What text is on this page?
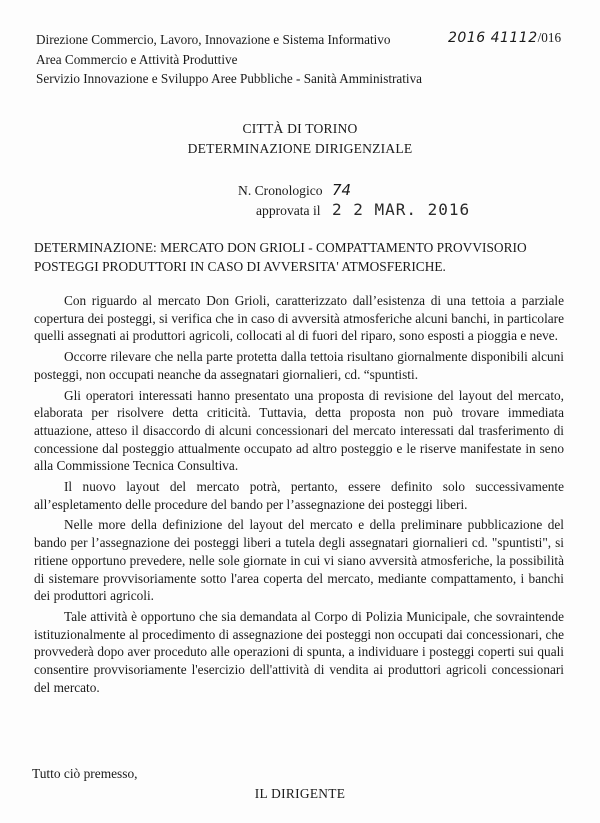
Direzione Commercio, Lavoro, Innovazione e Sistema Informativo
Area Commercio e Attività Produttive
Servizio Innovazione e Sviluppo Aree Pubbliche - Sanità Amministrativa
2016 41112/016
CITTÀ DI TORINO
DETERMINAZIONE DIRIGENZIALE
N. Cronologico 74
approvata il 2 2 MAR. 2016
DETERMINAZIONE: MERCATO DON GRIOLI - COMPATTAMENTO PROVVISORIO
POSTEGGI PRODUTTORI IN CASO DI AVVERSITA' ATMOSFERICHE.

Con riguardo al mercato Don Grioli, caratterizzato dall’esistenza di una tettoia a parziale copertura dei posteggi, si verifica che in caso di avversità atmosferiche alcuni banchi, in particolare quelli assegnati ai produttori agricoli, collocati al di fuori del riparo, sono esposti a pioggia e neve.

Occorre rilevare che nella parte protetta dalla tettoia risultano giornalmente disponibili alcuni posteggi, non occupati neanche da assegnatari giornalieri, cd. “spuntisti.

Gli operatori interessati hanno presentato una proposta di revisione del layout del mercato, elaborata per risolvere detta criticità. Tuttavia, detta proposta non può trovare immediata attuazione, atteso il disaccordo di alcuni concessionari del mercato interessati dal trasferimento di concessione dal posteggio attualmente occupato ad altro posteggio e le riserve manifestate in seno alla Commissione Tecnica Consultiva.

Il nuovo layout del mercato potrà, pertanto, essere definito solo successivamente all’espletamento delle procedure del bando per l’assegnazione dei posteggi liberi.

Nelle more della definizione del layout del mercato e della preliminare pubblicazione del bando per l’assegnazione dei posteggi liberi a tutela degli assegnatari giornalieri cd. "spuntisti", si ritiene opportuno prevedere, nelle sole giornate in cui vi siano avversità atmosferiche, la possibilità di sistemare provvisoriamente sotto l'area coperta del mercato, mediante compattamento, i banchi dei produttori agricoli.

Tale attività è opportuno che sia demandata al Corpo di Polizia Municipale, che sovraintende istituzionalmente al procedimento di assegnazione dei posteggi non occupati dai concessionari, che provvederà dopo aver proceduto alle operazioni di spunta, a individuare i posteggi coperti sui quali consentire provvisoriamente l'esercizio dell'attività di vendita ai produttori agricoli concessionari del mercato.

Tutto ciò premesso,
IL DIRIGENTE
